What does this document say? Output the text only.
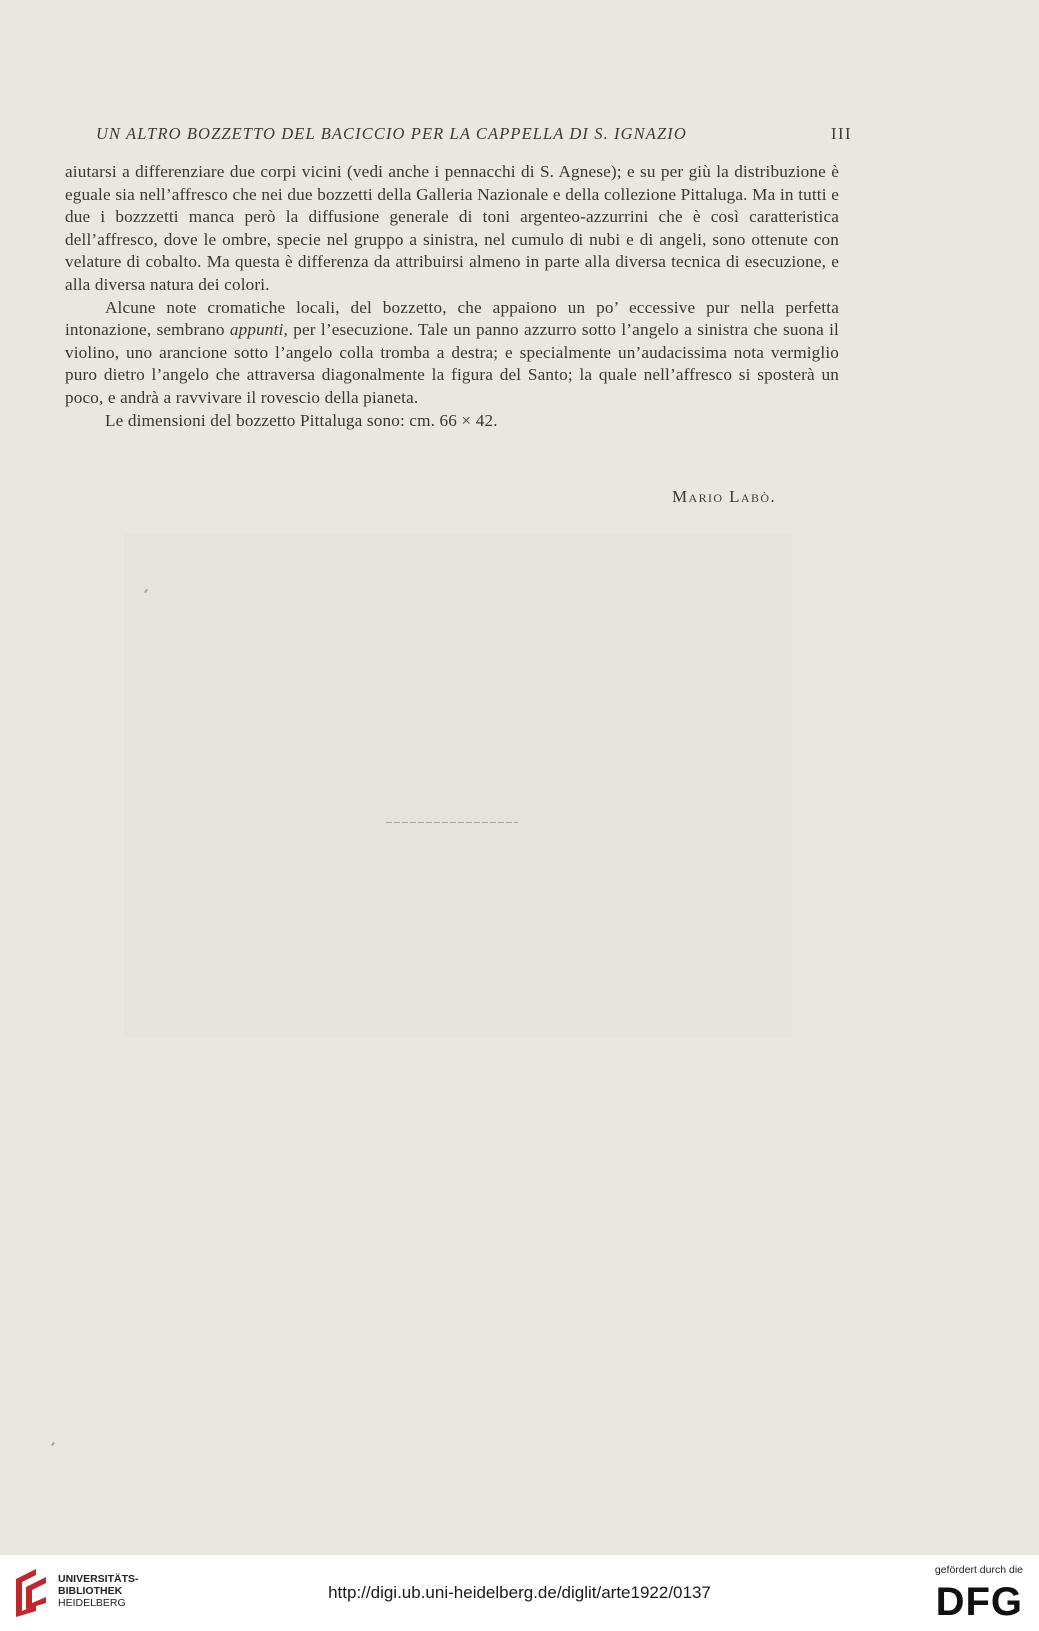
UN ALTRO BOZZETTO DEL BACICCIO PER LA CAPPELLA DI S. IGNAZIO	III

aiutarsi a differenziare due corpi vicini (vedi anche i pennacchi di S. Agnese); e su per giù la distribuzione è eguale sia nell’affresco che nei due bozzetti della Galleria Nazionale e della collezione Pittaluga. Ma in tutti e due i bozzzetti manca però la diffusione generale di toni argenteo-azzurrini che è così caratteristica dell’affresco, dove le ombre, specie nel gruppo a sinistra, nel cumulo di nubi e di angeli, sono ottenute con velature di cobalto. Ma questa è differenza da attribuirsi almeno in parte alla diversa tecnica di esecuzione, e alla diversa natura dei colori.

Alcune note cromatiche locali, del bozzetto, che appaiono un po’ eccessive pur nella perfetta intonazione, sembrano appunti, per l’esecuzione. Tale un panno azzurro sotto l’angelo a sinistra che suona il violino, uno arancione sotto l’angelo colla tromba a destra; e specialmente un’audacissima nota vermiglio puro dietro l’angelo che attraversa diagonalmente la figura del Santo; la quale nell’affresco si sposterà un poco, e andrà a ravvivare il rovescio della pianeta.

Le dimensioni del bozzetto Pittaluga sono: cm. 66 × 42.

Mario Labò.
UNIVERSITÄTS-
BIBLIOTHEK
HEIDELBERG
http://digi.ub.uni-heidelberg.de/diglit/arte1922/0137
gefördert durch die
DFG
